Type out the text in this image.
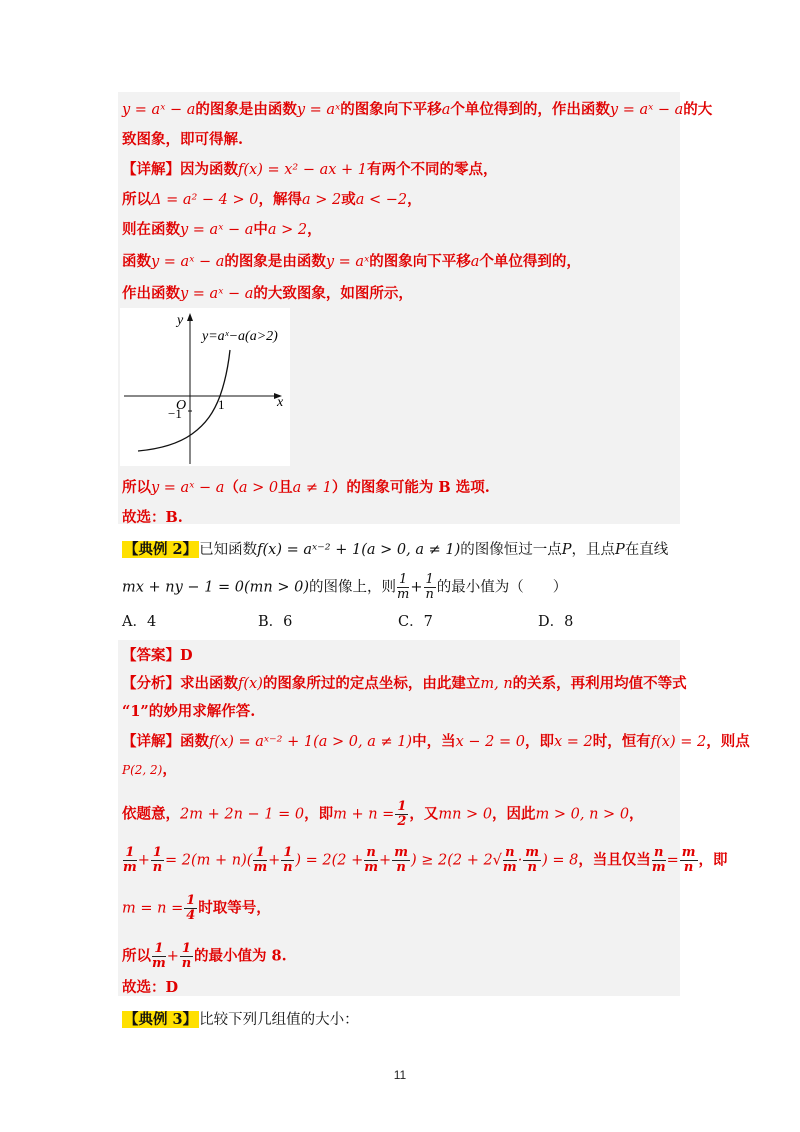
y = aˣ − a的图象是由函数y = aˣ的图象向下平移a个单位得到的，作出函数y = aˣ − a的大
致图象，即可得解.
【详解】因为函数f(x) = x² − ax + 1有两个不同的零点，
所以Δ = a² − 4 > 0，解得a > 2或a < −2，
则在函数y = aˣ − a中a > 2，
函数y = aˣ − a的图象是由函数y = aˣ的图象向下平移a个单位得到的，
作出函数y = aˣ − a的大致图象，如图所示，
y
x
O 1
−1
y=aˣ−a(a>2)
所以y = aˣ − a（a > 0且a ≠ 1）的图象可能为 B 选项.
故选：B.
【典例 2】 已知函数f(x) = aˣ⁻² + 1(a > 0, a ≠ 1)的图像恒过一点P，且点P在直线
mx + ny − 1 = 0(mn > 0)的图像上，则 $\frac{1}{m} + \frac{1}{n}$ 的最小值为（　　）
A．4	B．6	C．7	D．8
【答案】D
【分析】求出函数f(x)的图象所过的定点坐标，由此建立m, n的关系，再利用均值不等式
“1”的妙用求解作答.
【详解】函数f(x) = aˣ⁻² + 1(a > 0, a ≠ 1)中，当x − 2 = 0，即x = 2时，恒有f(x) = 2，则点
P(2, 2)，
依题意，2m + 2n − 1 = 0，即$m + n = \frac{1}{2}$ ，又mn > 0，因此m > 0, n > 0，
$\frac{1}{m} + \frac{1}{n} = 2(m + n)( \frac{1}{m} + \frac{1}{n}$ ) = $2(2 + \frac{n}{m} + \frac{m}{n}$ ) ≥ $2(2 + 2√ \frac{n}{m} \cdot \frac{m}{n}$ ) = 8，当且仅当 $\frac{n}{m} = \frac{m}{n}$ ，即
$m = n = \frac{1}{4}$ 时取等号，
所以 $\frac{1}{m} + \frac{1}{n}$ 的最小值为 8.
故选：D
【典例 3】 比较下列几组值的大小：
11
